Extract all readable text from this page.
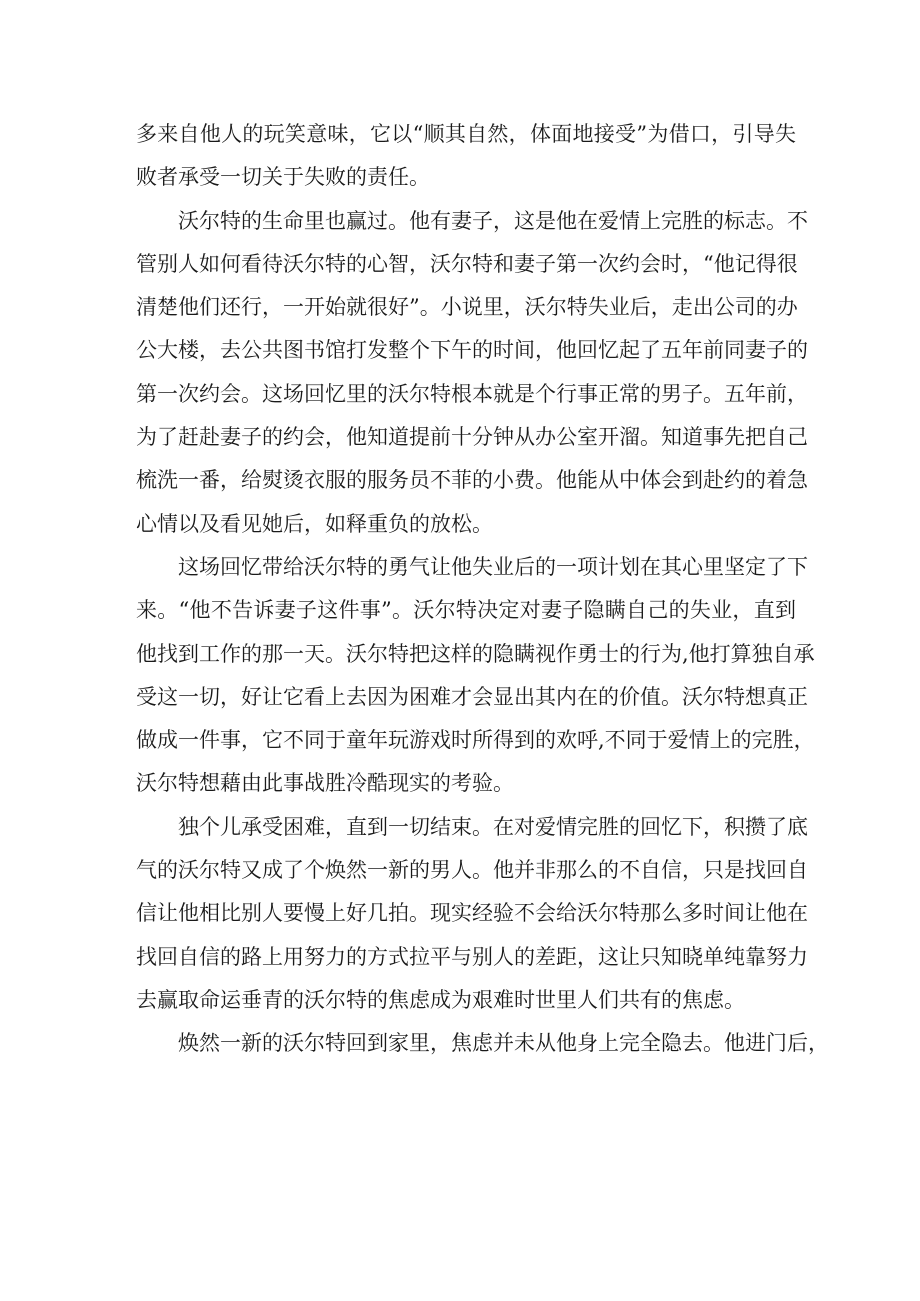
多来自他人的玩笑意味，它以“顺其自然，体面地接受”为借口，引导失
败者承受一切关于失败的责任。
沃尔特的生命里也赢过。他有妻子，这是他在爱情上完胜的标志。不
管别人如何看待沃尔特的心智，沃尔特和妻子第一次约会时，“他记得很
清楚他们还行，一开始就很好”。小说里，沃尔特失业后，走出公司的办
公大楼，去公共图书馆打发整个下午的时间，他回忆起了五年前同妻子的
第一次约会。这场回忆里的沃尔特根本就是个行事正常的男子。五年前，
为了赶赴妻子的约会，他知道提前十分钟从办公室开溜。知道事先把自己
梳洗一番，给熨烫衣服的服务员不菲的小费。他能从中体会到赴约的着急
心情以及看见她后，如释重负的放松。
这场回忆带给沃尔特的勇气让他失业后的一项计划在其心里坚定了下
来。“他不告诉妻子这件事”。沃尔特决定对妻子隐瞒自己的失业，直到
他找到工作的那一天。沃尔特把这样的隐瞒视作勇士的行为,他打算独自承
受这一切，好让它看上去因为困难才会显出其内在的价值。沃尔特想真正
做成一件事，它不同于童年玩游戏时所得到的欢呼,不同于爱情上的完胜，
沃尔特想藉由此事战胜冷酷现实的考验。
独个儿承受困难，直到一切结束。在对爱情完胜的回忆下，积攒了底
气的沃尔特又成了个焕然一新的男人。他并非那么的不自信，只是找回自
信让他相比别人要慢上好几拍。现实经验不会给沃尔特那么多时间让他在
找回自信的路上用努力的方式拉平与别人的差距，这让只知晓单纯靠努力
去赢取命运垂青的沃尔特的焦虑成为艰难时世里人们共有的焦虑。
焕然一新的沃尔特回到家里，焦虑并未从他身上完全隐去。他进门后，
